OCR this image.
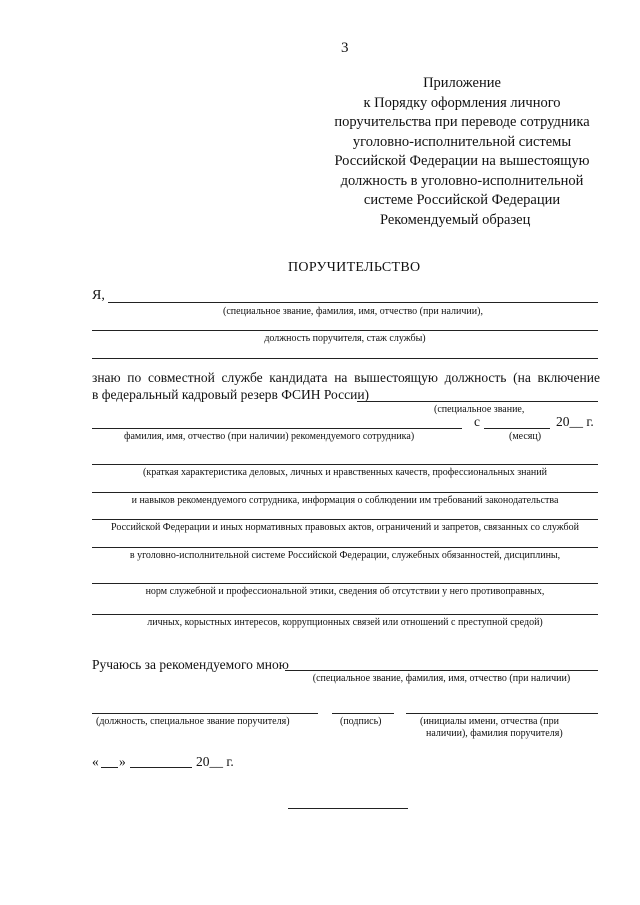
3
Приложение
к Порядку оформления личного
поручительства при переводе сотрудника
уголовно-исполнительной системы
Российской Федерации на вышестоящую
должность в уголовно-исполнительной
системе Российской Федерации
Рекомендуемый образец
ПОРУЧИТЕЛЬСТВО
Я,
(специальное звание, фамилия, имя, отчество (при наличии),
должность поручителя, стаж службы)
знаю по совместной службе кандидата на вышестоящую должность (на включение
в федеральный кадровый резерв ФСИН России)
(специальное звание,
с	20__ г.
фамилия, имя, отчество (при наличии) рекомендуемого сотрудника)	(месяц)
(краткая характеристика деловых, личных и нравственных качеств, профессиональных знаний
и навыков рекомендуемого сотрудника, информация о соблюдении им требований законодательства
Российской Федерации и иных нормативных правовых актов, ограничений и запретов, связанных со службой
в уголовно-исполнительной системе Российской Федерации, служебных обязанностей, дисциплины,
норм служебной и профессиональной этики, сведения об отсутствии у него противоправных,
личных, корыстных интересов, коррупционных связей или отношений с преступной средой)
Ручаюсь за рекомендуемого мною
(специальное звание, фамилия, имя, отчество (при наличии)
(должность, специальное звание поручителя)	(подпись)	(инициалы имени, отчества (при
наличии), фамилия поручителя)
« »	20__ г.
